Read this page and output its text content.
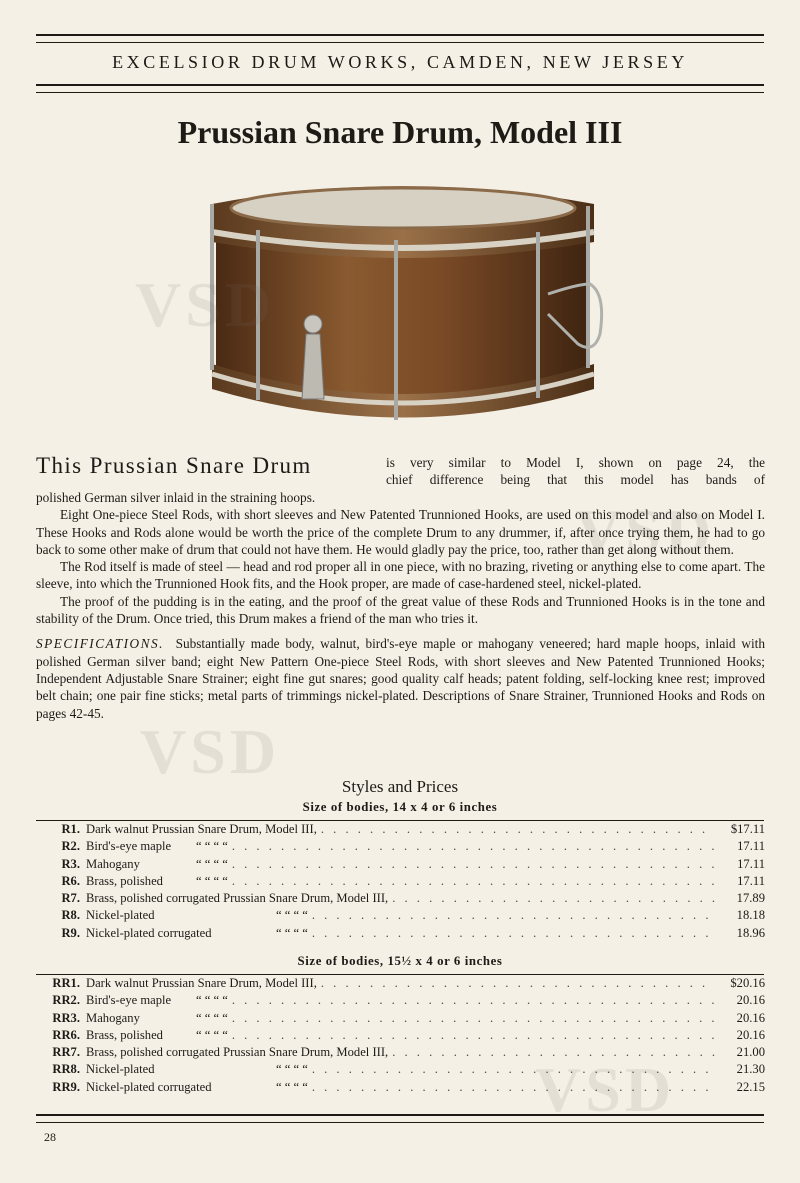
EXCELSIOR DRUM WORKS, CAMDEN, NEW JERSEY
Prussian Snare Drum, Model III
VSD
VSD
VSD
VSD
This Prussian Snare Drum	is very similar to Model I, shown on page 24, the
chief difference being that this model has bands of

polished German silver inlaid in the straining hoops.

Eight One-piece Steel Rods, with short sleeves and New Patented Trunnioned Hooks, are used on this model and also on Model I. These Hooks and Rods alone would be worth the price of the complete Drum to any drummer, if, after once trying them, he had to go back to some other make of drum that could not have them. He would gladly pay the price, too, rather than get along without them.

The Rod itself is made of steel — head and rod proper all in one piece, with no brazing, riveting or anything else to come apart. The sleeve, into which the Trunnioned Hook fits, and the Hook proper, are made of case-hardened steel, nickel-plated.

The proof of the pudding is in the eating, and the proof of the great value of these Rods and Trunnioned Hooks is in the tone and stability of the Drum. Once tried, this Drum makes a friend of the man who tries it.

SPECIFICATIONS. Substantially made body, walnut, bird's-eye maple or mahogany veneered; hard maple hoops, inlaid with polished German silver band; eight New Pattern One-piece Steel Rods, with short sleeves and New Patented Trunnioned Hooks; Independent Adjustable Snare Strainer; eight fine gut snares; good quality calf heads; patent folding, self-locking knee rest; improved belt chain; one pair fine sticks; metal parts of trimmings nickel-plated. Descriptions of Snare Strainer, Trunnioned Hooks and Rods on pages 42-45.

Styles and Prices
Size of bodies, 14 x 4 or 6 inches
R1. Dark walnut Prussian Snare Drum, Model III, . . .	$17.11
R2. Bird's-eye maple	“ “ “ “ . . .	17.11
R3. Mahogany	“ “ “ “ . . .	17.11
R6. Brass, polished	“ “ “ “ . . .	17.11
R7. Brass, polished corrugated Prussian Snare Drum, Model III, . . .	17.89
R8. Nickel-plated	“ “ “ “ . . .	18.18
R9. Nickel-plated corrugated	“ “ “ “ . . .	18.96
Size of bodies, 15½ x 4 or 6 inches
RR1. Dark walnut Prussian Snare Drum, Model III, . . .	$20.16
RR2. Bird's-eye maple	“ “ “ “ . . .	20.16
RR3. Mahogany	“ “ “ “ . . .	20.16
RR6. Brass, polished	“ “ “ “ . . .	20.16
RR7. Brass, polished corrugated Prussian Snare Drum, Model III, . . .	21.00
RR8. Nickel-plated	“ “ “ “ . . .	21.30
RR9. Nickel-plated corrugated	“ “ “ “ . . .	22.15
28
